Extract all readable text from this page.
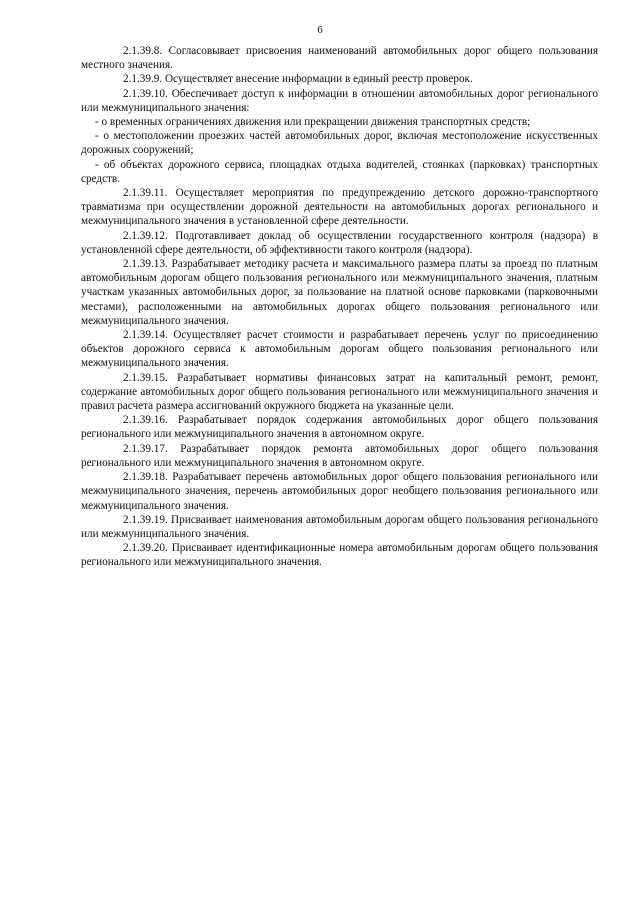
6

2.1.39.8. Согласовывает присвоения наименований автомобильных дорог общего пользования местного значения.

2.1.39.9. Осуществляет внесение информации в единый реестр проверок.

2.1.39.10. Обеспечивает доступ к информации в отношении автомобильных дорог регионального или межмуниципального значения:

- о временных ограничениях движения или прекращении движения транспортных средств;

- о местоположении проезжих частей автомобильных дорог, включая местоположение искусственных дорожных сооружений;

- об объектах дорожного сервиса, площадках отдыха водителей, стоянках (парковках) транспортных средств.

2.1.39.11. Осуществляет мероприятия по предупреждению детского дорожно-транспортного травматизма при осуществлении дорожной деятельности на автомобильных дорогах регионального и межмуниципального значения в установленной сфере деятельности.

2.1.39.12. Подготавливает доклад об осуществлении государственного контроля (надзора) в установленной сфере деятельности, об эффективности такого контроля (надзора).

2.1.39.13. Разрабатывает методику расчета и максимального размера платы за проезд по платным автомобильным дорогам общего пользования регионального или межмуниципального значения, платным участкам указанных автомобильных дорог, за пользование на платной основе парковками (парковочными местами), расположенными на автомобильных дорогах общего пользования регионального или межмуниципального значения.

2.1.39.14. Осуществляет расчет стоимости и разрабатывает перечень услуг по присоединению объектов дорожного сервиса к автомобильным дорогам общего пользования регионального или межмуниципального значения.

2.1.39.15. Разрабатывает нормативы финансовых затрат на капитальный ремонт, ремонт, содержание автомобильных дорог общего пользования регионального или межмуниципального значения и правил расчета размера ассигнований окружного бюджета на указанные цели.

2.1.39.16. Разрабатывает порядок содержания автомобильных дорог общего пользования регионального или межмуниципального значения в автономном округе.

2.1.39.17. Разрабатывает порядок ремонта автомобильных дорог общего пользования регионального или межмуниципального значения в автономном округе.

2.1.39.18. Разрабатывает перечень автомобильных дорог общего пользования регионального или межмуниципального значения, перечень автомобильных дорог необщего пользования регионального или межмуниципального значения.

2.1.39.19. Присваивает наименования автомобильным дорогам общего пользования регионального или межмуниципального значения.

2.1.39.20. Присваивает идентификационные номера автомобильным дорогам общего пользования регионального или межмуниципального значения.
